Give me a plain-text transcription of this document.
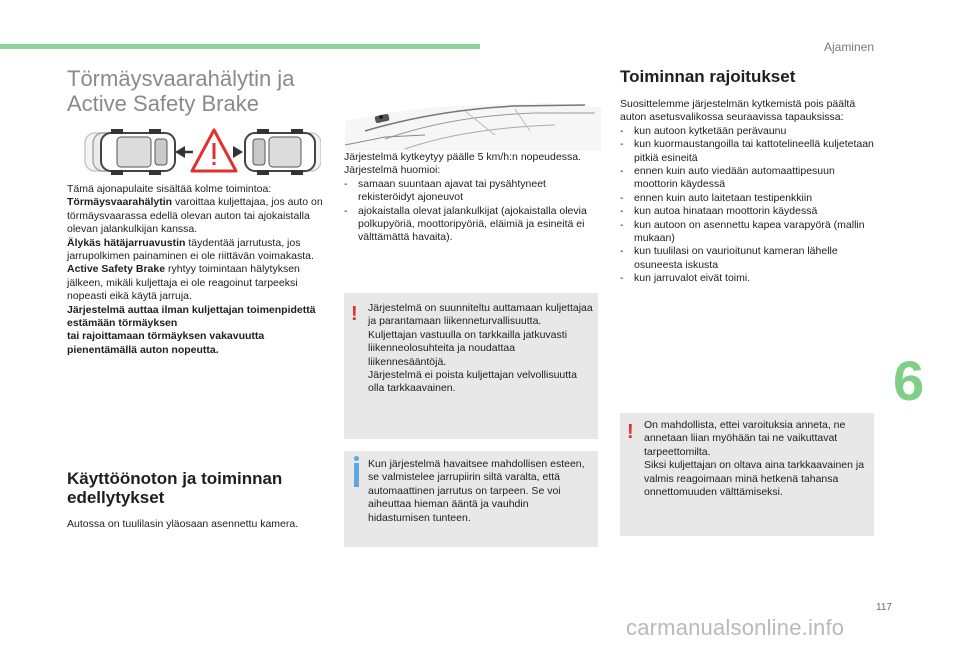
Ajaminen
6
117
carmanualsonline.info
Törmäysvaarahälytin ja
Active Safety Brake

Tämä ajonapulaite sisältää kolme toimintoa:
Törmäysvaarahälytin varoittaa kuljettajaa, jos auto on törmäysvaarassa edellä olevan auton tai ajokaistalla olevan jalankulkijan kanssa.

Älykäs hätäjarruavustin täydentää jarrutusta, jos jarrupolkimen painaminen ei ole riittävän voimakasta.

Active Safety Brake ryhtyy toimintaan hälytyksen jälkeen, mikäli kuljettaja ei ole reagoinut tarpeeksi nopeasti eikä käytä jarruja.

Järjestelmä auttaa ilman kuljettajan toimenpidettä estämään törmäyksen
tai rajoittamaan törmäyksen vakavuutta pienentämällä auton nopeutta.

Käyttöönoton ja toiminnan
edellytykset
Autossa on tuulilasin yläosaan asennettu kamera.
Järjestelmä kytkeytyy päälle 5 km/h:n nopeudessa.
Järjestelmä huomioi:
- samaan suuntaan ajavat tai pysähtyneet rekisteröidyt ajoneuvot
- ajokaistalla olevat jalankulkijat (ajokaistalla olevia polkupyöriä, moottoripyöriä, eläimiä ja esineitä ei välttämättä havaita).
! Järjestelmä on suunniteltu auttamaan kuljettajaa ja parantamaan liikenneturvallisuutta.
Kuljettajan vastuulla on tarkkailla jatkuvasti liikenneolosuhteita ja noudattaa liikennesääntöjä.
Järjestelmä ei poista kuljettajan velvollisuutta olla tarkkaavainen.
Kun järjestelmä havaitsee mahdollisen esteen, se valmistelee jarrupiirin siltä varalta, että automaattinen jarrutus on tarpeen. Se voi aiheuttaa hieman ääntä ja vauhdin hidastumisen tunteen.
Toiminnan rajoitukset
Suosittelemme järjestelmän kytkemistä pois päältä auton asetusvalikossa seuraavissa tapauksissa:
- kun autoon kytketään perävaunu
- kun kuormaustangoilla tai kattotelineellä kuljetetaan pitkiä esineitä
- ennen kuin auto viedään automaattipesuun moottorin käydessä
- ennen kuin auto laitetaan testipenkkiin
- kun autoa hinataan moottorin käydessä
- kun autoon on asennettu kapea varapyörä (mallin mukaan)
- kun tuulilasi on vaurioitunut kameran lähelle osuneesta iskusta
- kun jarruvalot eivät toimi.
! On mahdollista, ettei varoituksia anneta, ne annetaan liian myöhään tai ne vaikuttavat tarpeettomilta.
Siksi kuljettajan on oltava aina tarkkaavainen ja valmis reagoimaan minä hetkenä tahansa onnettomuuden välttämiseksi.
